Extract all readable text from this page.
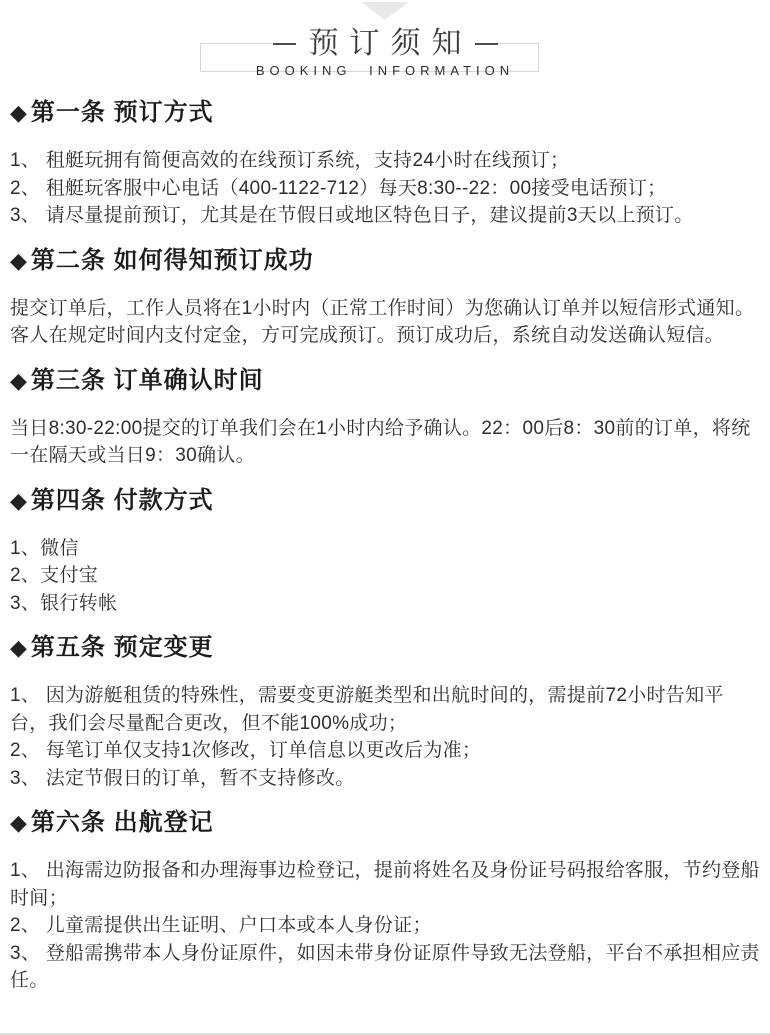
预订须知
BOOKING INFORMATION
◆ 第一条 预订方式
1、 租艇玩拥有简便高效的在线预订系统，支持24小时在线预订；
2、 租艇玩客服中心电话（400-1122-712）每天8:30--22：00接受电话预订；
3、 请尽量提前预订，尤其是在节假日或地区特色日子，建议提前3天以上预订。
◆ 第二条 如何得知预订成功
提交订单后，工作人员将在1小时内（正常工作时间）为您确认订单并以短信形式通知。客人在规定时间内支付定金，方可完成预订。预订成功后，系统自动发送确认短信。
◆ 第三条 订单确认时间
当日8:30-22:00提交的订单我们会在1小时内给予确认。22：00后8：30前的订单，将统一在隔天或当日9：30确认。
◆ 第四条 付款方式
1、微信
2、支付宝
3、银行转帐
◆ 第五条 预定变更
1、 因为游艇租赁的特殊性，需要变更游艇类型和出航时间的，需提前72小时告知平台，我们会尽量配合更改，但不能100%成功；
2、 每笔订单仅支持1次修改，订单信息以更改后为准；
3、 法定节假日的订单，暂不支持修改。
◆ 第六条 出航登记
1、 出海需边防报备和办理海事边检登记，提前将姓名及身份证号码报给客服，节约登船时间；
2、 儿童需提供出生证明、户口本或本人身份证；
3、 登船需携带本人身份证原件，如因未带身份证原件导致无法登船，平台不承担相应责任。
